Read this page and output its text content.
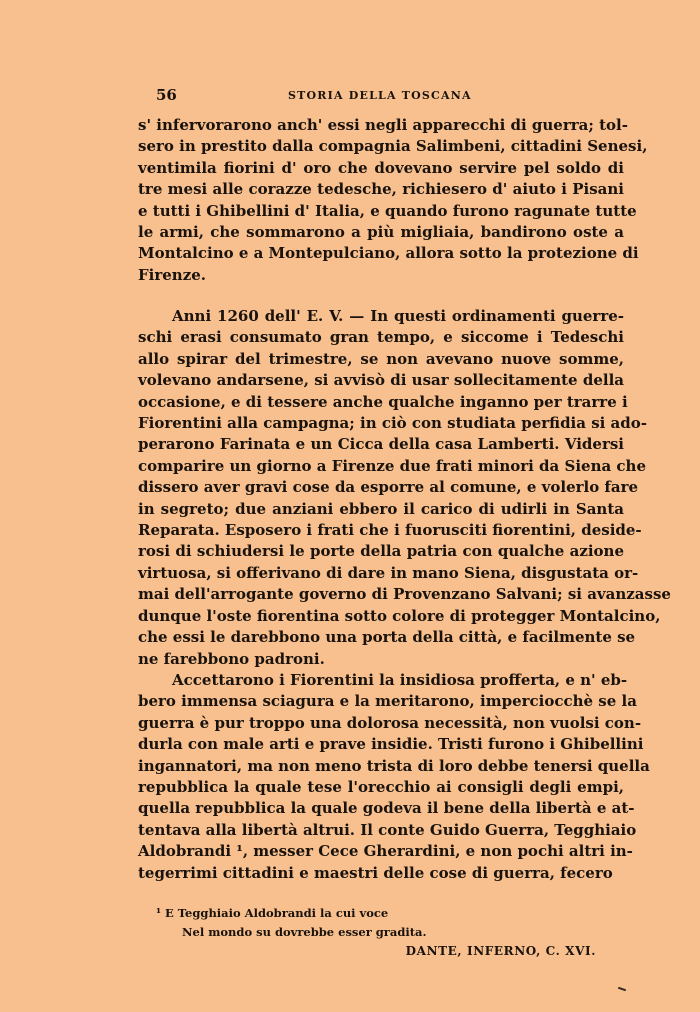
56	STORIA DELLA TOSCANA
s' infervorarono anch' essi negli apparecchi di guerra; tol-
sero in prestito dalla compagnia Salimbeni, cittadini Senesi,
ventimila fiorini d' oro che dovevano servire pel soldo di
tre mesi alle corazze tedesche, richiesero d' aiuto i Pisani
e tutti i Ghibellini d' Italia, e quando furono ragunate tutte
le armi, che sommarono a più migliaia, bandirono oste a
Montalcino e a Montepulciano, allora sotto la protezione di
Firenze.
Anni 1260 dell' E. V. — In questi ordinamenti guerre-
schi erasi consumato gran tempo, e siccome i Tedeschi
allo spirar del trimestre, se non avevano nuove somme,
volevano andarsene, si avvisò di usar sollecitamente della
occasione, e di tessere anche qualche inganno per trarre i
Fiorentini alla campagna; in ciò con studiata perfidia si ado-
perarono Farinata e un Cicca della casa Lamberti. Vidersi
comparire un giorno a Firenze due frati minori da Siena che
dissero aver gravi cose da esporre al comune, e volerlo fare
in segreto; due anziani ebbero il carico di udirli in Santa
Reparata. Esposero i frati che i fuorusciti fiorentini, deside-
rosi di schiudersi le porte della patria con qualche azione
virtuosa, si offerivano di dare in mano Siena, disgustata or-
mai dell'arrogante governo di Provenzano Salvani; si avanzasse
dunque l'oste fiorentina sotto colore di protegger Montalcino,
che essi le darebbono una porta della città, e facilmente se
ne farebbono padroni.
Accettarono i Fiorentini la insidiosa profferta, e n' eb-
bero immensa sciagura e la meritarono, imperciocchè se la
guerra è pur troppo una dolorosa necessità, non vuolsi con-
durla con male arti e prave insidie. Tristi furono i Ghibellini
ingannatori, ma non meno trista di loro debbe tenersi quella
repubblica la quale tese l'orecchio ai consigli degli empi,
quella repubblica la quale godeva il bene della libertà e at-
tentava alla libertà altrui. Il conte Guido Guerra, Tegghiaio
Aldobrandi ¹, messer Cece Gherardini, e non pochi altri in-
tegerrimi cittadini e maestri delle cose di guerra, fecero
¹ E Tegghiaio Aldobrandi la cui voce
Nel mondo su dovrebbe esser gradita.
DANTE, INFERNO, C. XVI.
